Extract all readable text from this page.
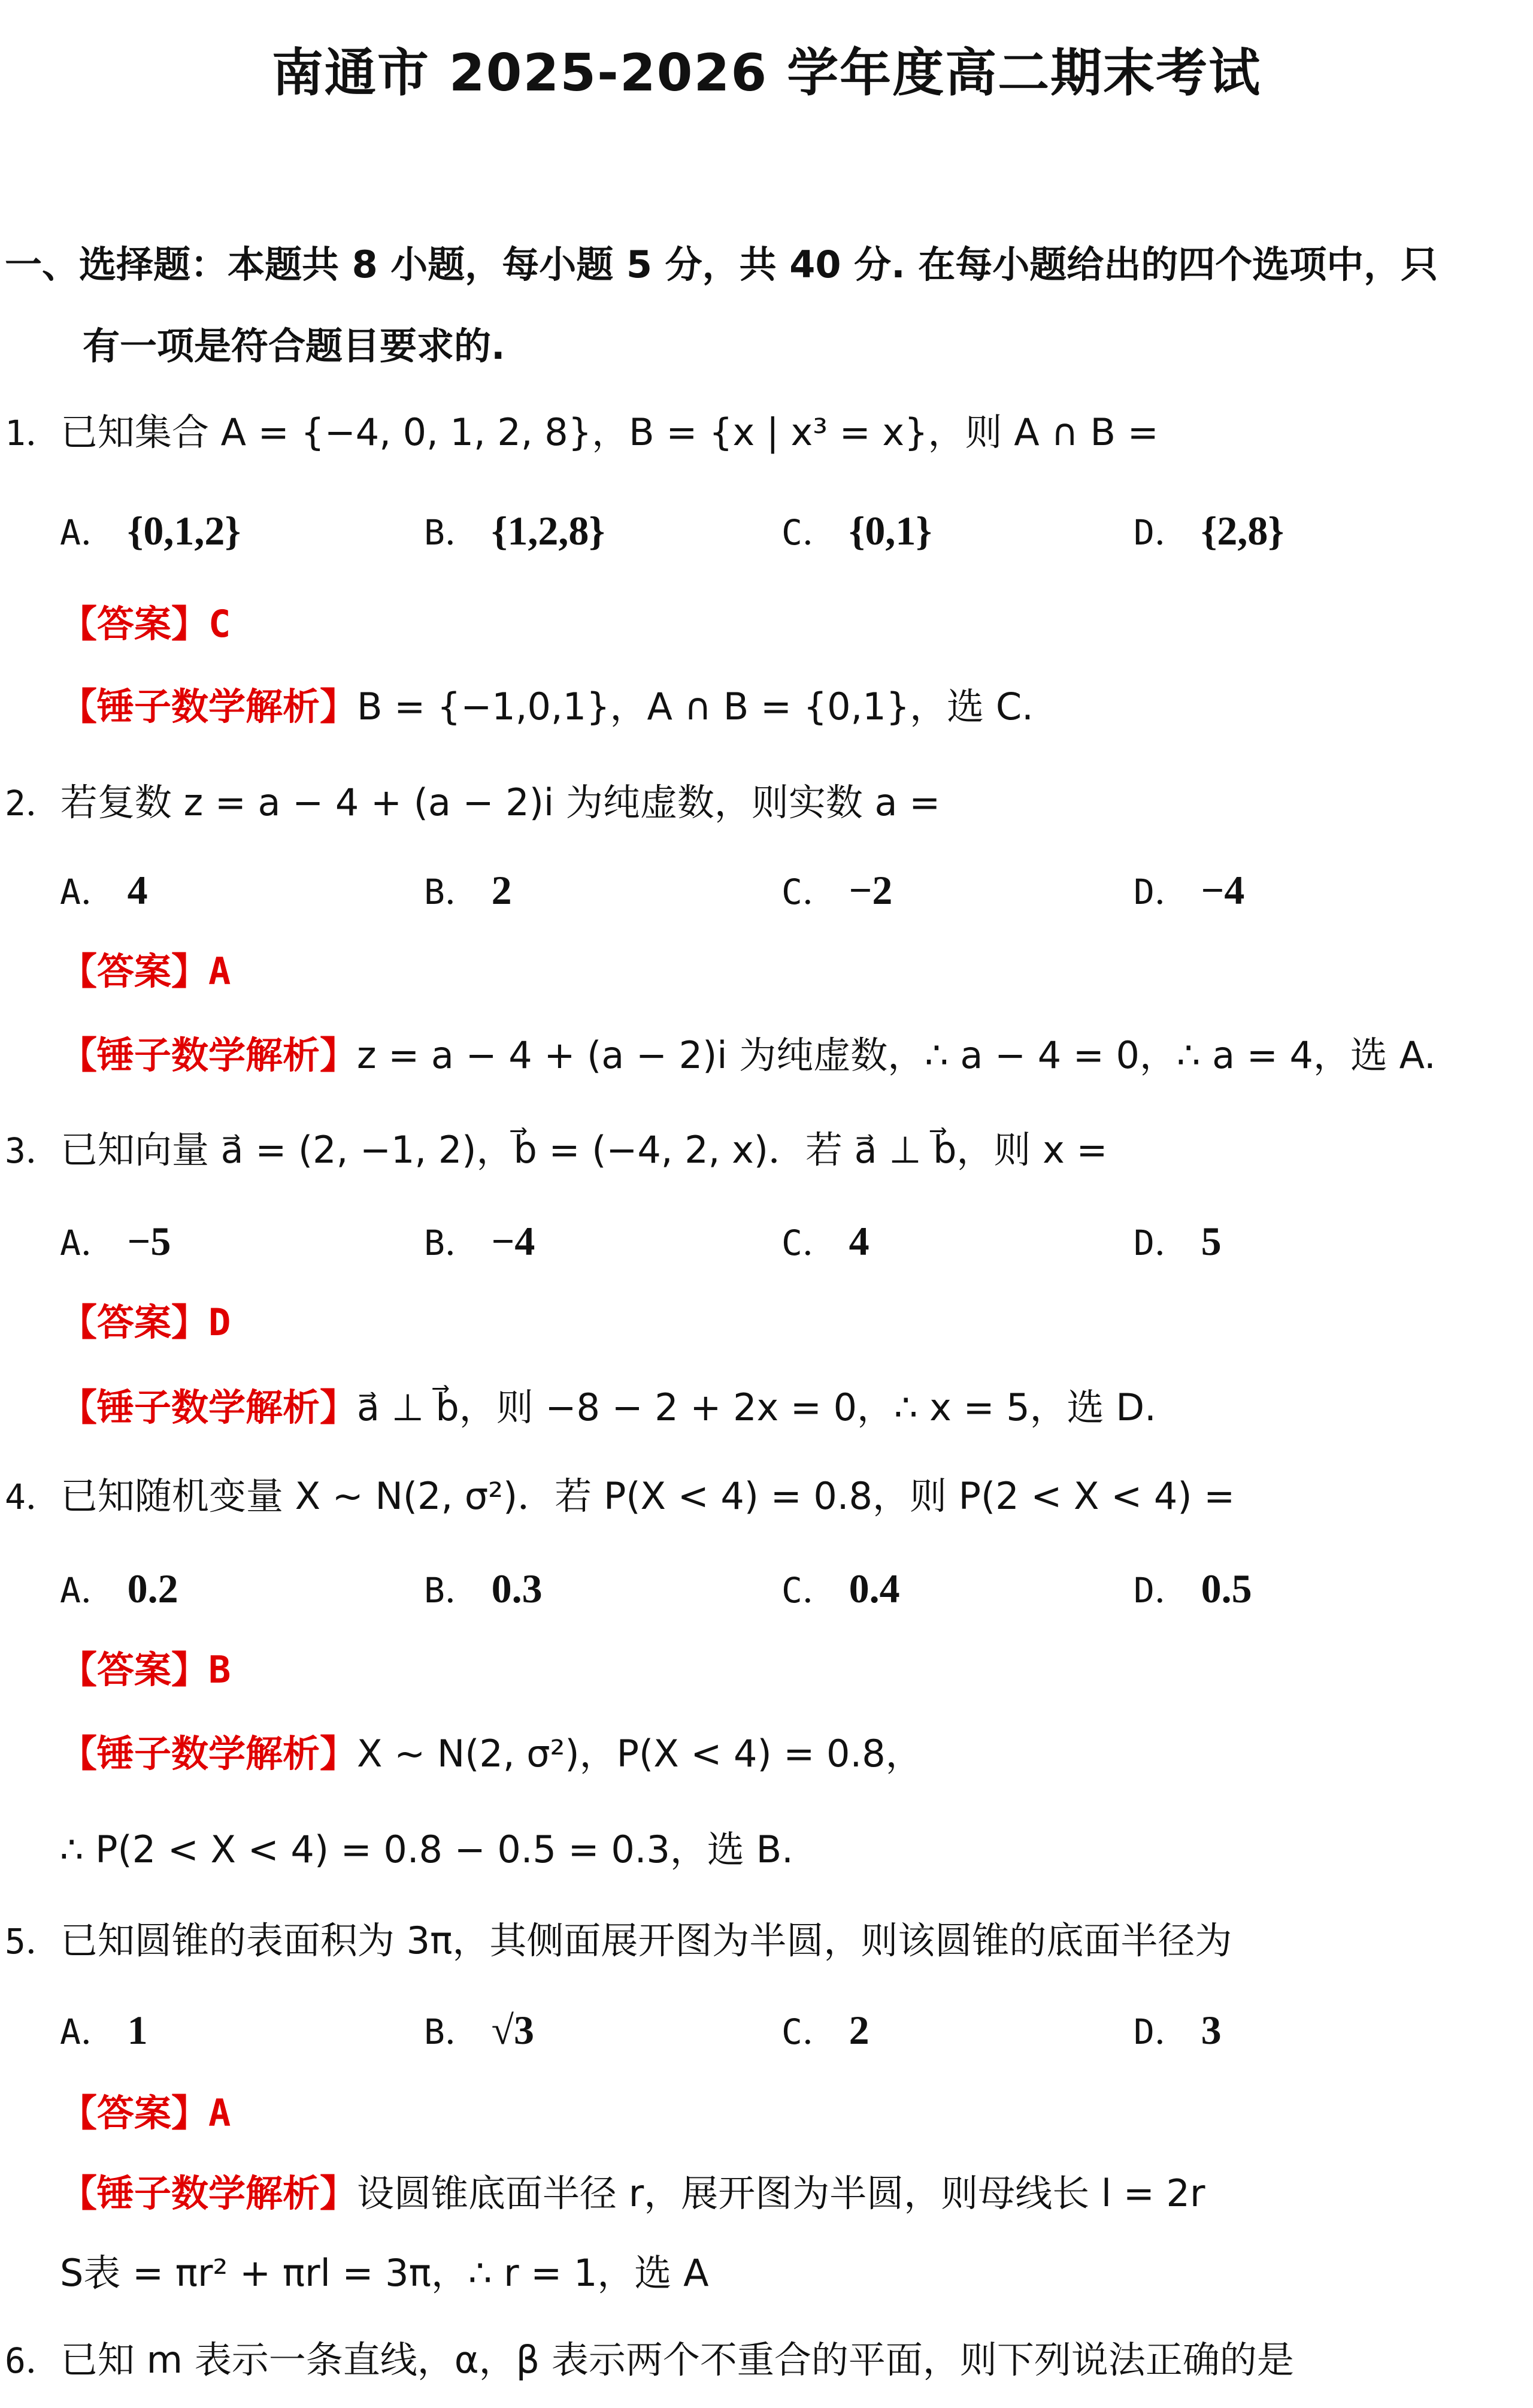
南通市 2025-2026 学年度高二期末考试
一、选择题：本题共 8 小题，每小题 5 分，共 40 分. 在每小题给出的四个选项中，只
有一项是符合题目要求的.
1．已知集合 A = {−4, 0, 1, 2, 8}，B = {x | x³ = x}，则 A ∩ B =
A． {0,1,2}	B． {1,2,8}	C． {0,1}	D． {2,8}
【答案】C
【锤子数学解析】B = {−1,0,1}，A ∩ B = {0,1}，选 C.
2．若复数 z = a − 4 + (a − 2)i 为纯虚数，则实数 a =
A． 4	B． 2	C． −2	D． −4
【答案】A
【锤子数学解析】z = a − 4 + (a − 2)i 为纯虚数，∴ a − 4 = 0，∴ a = 4，选 A.
3．已知向量 a⃗ = (2, −1, 2)，b⃗ = (−4, 2, x)．若 a⃗ ⊥ b⃗，则 x =
A． −5	B． −4	C． 4	D． 5
【答案】D
【锤子数学解析】a⃗ ⊥ b⃗，则 −8 − 2 + 2x = 0，∴ x = 5，选 D.
4．已知随机变量 X ~ N(2, σ²)．若 P(X < 4) = 0.8，则 P(2 < X < 4) =
A． 0.2	B． 0.3	C． 0.4	D． 0.5
【答案】B
【锤子数学解析】X ~ N(2, σ²)，P(X < 4) = 0.8，
∴ P(2 < X < 4) = 0.8 − 0.5 = 0.3，选 B.
5．已知圆锥的表面积为 3π，其侧面展开图为半圆，则该圆锥的底面半径为
A． 1	B． √3	C． 2	D． 3
【答案】A
【锤子数学解析】设圆锥底面半径 r，展开图为半圆，则母线长 l = 2r
S表 = πr² + πrl = 3π，∴ r = 1，选 A
6．已知 m 表示一条直线，α，β 表示两个不重合的平面，则下列说法正确的是
